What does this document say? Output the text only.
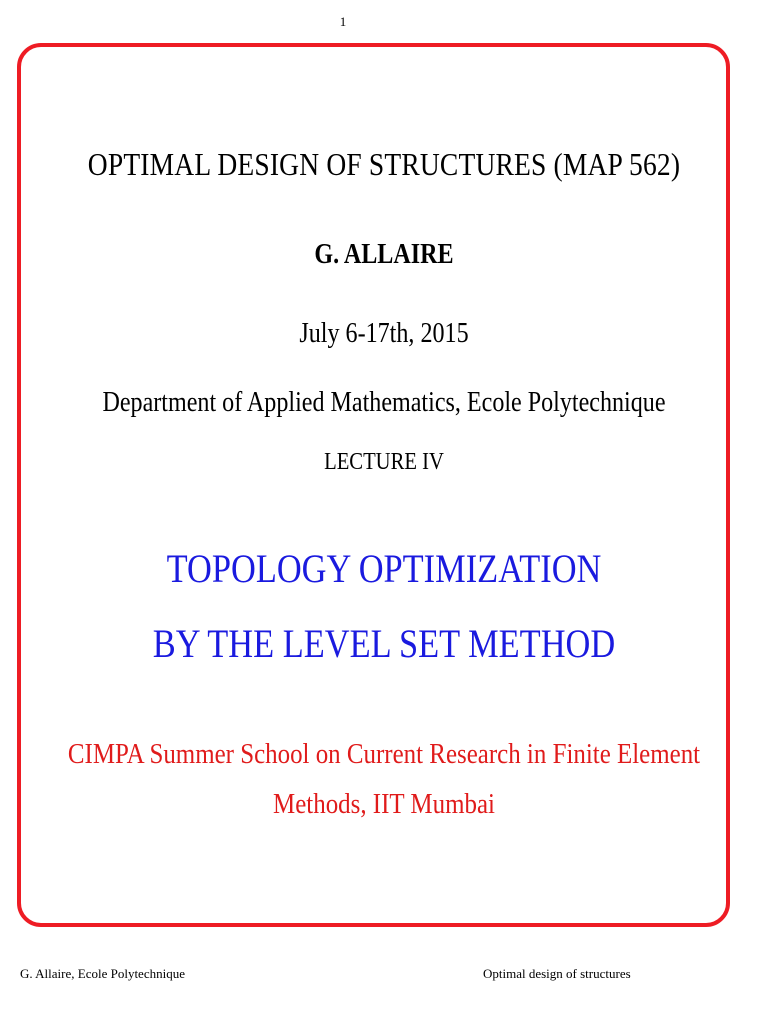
1
OPTIMAL DESIGN OF STRUCTURES (MAP 562)
G. ALLAIRE
July 6-17th, 2015
Department of Applied Mathematics, Ecole Polytechnique
LECTURE IV
TOPOLOGY OPTIMIZATION
BY THE LEVEL SET METHOD
CIMPA Summer School on Current Research in Finite Element
Methods, IIT Mumbai
G. Allaire, Ecole Polytechnique	Optimal design of structures
